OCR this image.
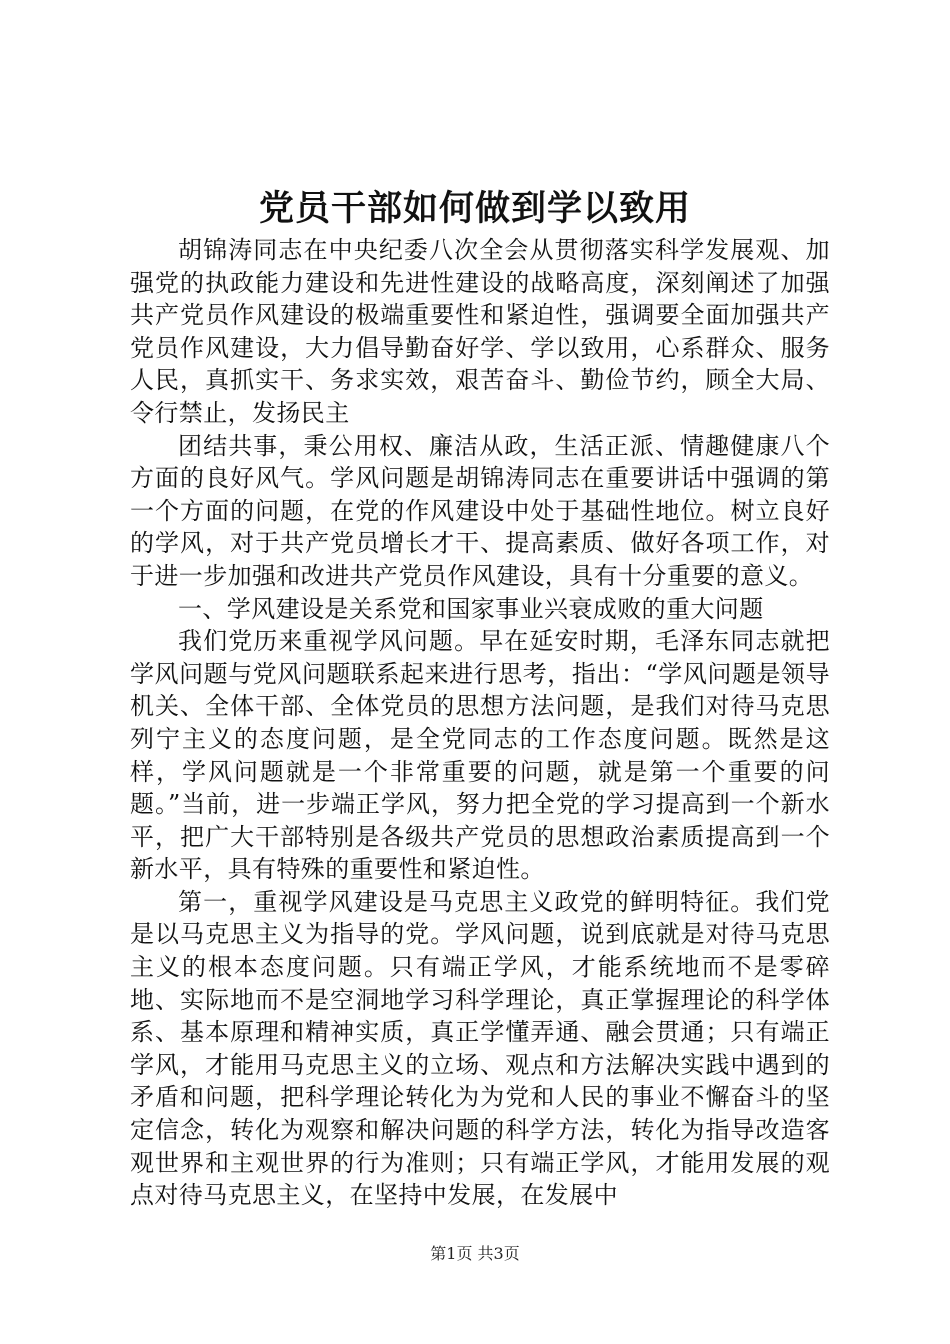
党员干部如何做到学以致用

胡锦涛同志在中央纪委八次全会从贯彻落实科学发展观、加强党的执政能力建设和先进性建设的战略高度，深刻阐述了加强共产党员作风建设的极端重要性和紧迫性，强调要全面加强共产党员作风建设，大力倡导勤奋好学、学以致用，心系群众、服务人民，真抓实干、务求实效，艰苦奋斗、勤俭节约，顾全大局、令行禁止，发扬民主

团结共事，秉公用权、廉洁从政，生活正派、情趣健康八个方面的良好风气。学风问题是胡锦涛同志在重要讲话中强调的第一个方面的问题，在党的作风建设中处于基础性地位。树立良好的学风，对于共产党员增长才干、提高素质、做好各项工作，对于进一步加强和改进共产党员作风建设，具有十分重要的意义。

一、学风建设是关系党和国家事业兴衰成败的重大问题

我们党历来重视学风问题。早在延安时期，毛泽东同志就把学风问题与党风问题联系起来进行思考，指出：“学风问题是领导机关、全体干部、全体党员的思想方法问题，是我们对待马克思列宁主义的态度问题，是全党同志的工作态度问题。既然是这样，学风问题就是一个非常重要的问题，就是第一个重要的问题。”当前，进一步端正学风，努力把全党的学习提高到一个新水平，把广大干部特别是各级共产党员的思想政治素质提高到一个新水平，具有特殊的重要性和紧迫性。

第一，重视学风建设是马克思主义政党的鲜明特征。我们党是以马克思主义为指导的党。学风问题，说到底就是对待马克思主义的根本态度问题。只有端正学风，才能系统地而不是零碎地、实际地而不是空洞地学习科学理论，真正掌握理论的科学体系、基本原理和精神实质，真正学懂弄通、融会贯通；只有端正学风，才能用马克思主义的立场、观点和方法解决实践中遇到的矛盾和问题，把科学理论转化为为党和人民的事业不懈奋斗的坚定信念，转化为观察和解决问题的科学方法，转化为指导改造客观世界和主观世界的行为准则；只有端正学风，才能用发展的观点对待马克思主义，在坚持中发展，在发展中

第1页 共3页
